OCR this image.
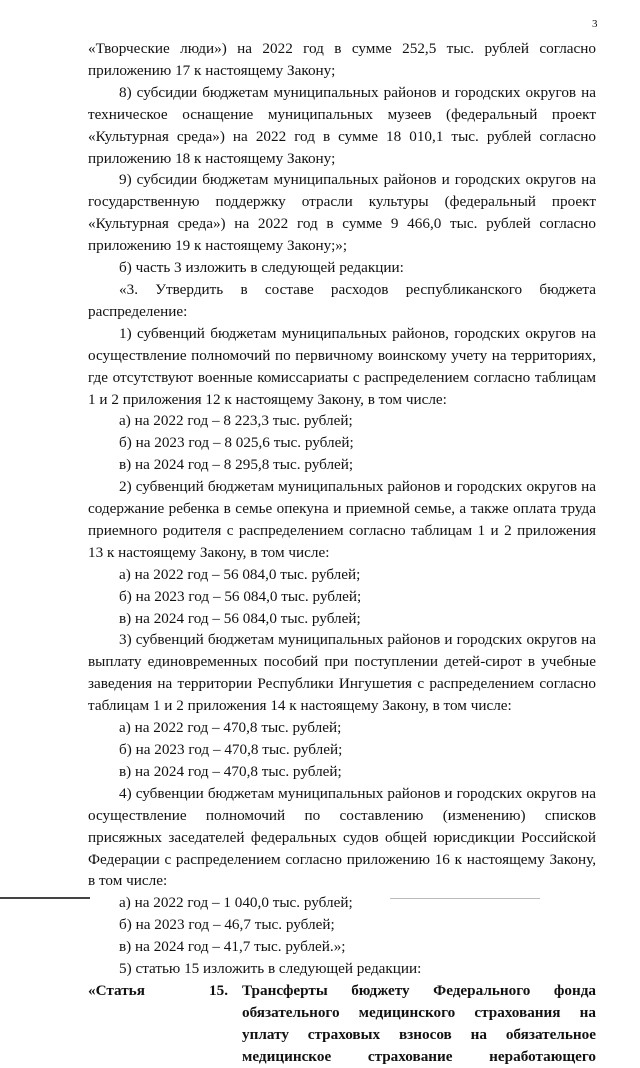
3

«Творческие люди») на 2022 год в сумме 252,5 тыс. рублей согласно приложению 17 к настоящему Закону;

8) субсидии бюджетам муниципальных районов и городских округов на техническое оснащение муниципальных музеев (федеральный проект «Культурная среда») на 2022 год в сумме 18 010,1 тыс. рублей согласно приложению 18 к настоящему Закону;

9) субсидии бюджетам муниципальных районов и городских округов на государственную поддержку отрасли культуры (федеральный проект «Культурная среда») на 2022 год в сумме 9 466,0 тыс. рублей согласно приложению 19 к настоящему Закону;»;

б) часть 3 изложить в следующей редакции:

«3. Утвердить в составе расходов республиканского бюджета распределение:

1) субвенций бюджетам муниципальных районов, городских округов на осуществление полномочий по первичному воинскому учету на территориях, где отсутствуют военные комиссариаты с распределением согласно таблицам 1 и 2 приложения 12 к настоящему Закону, в том числе:

а) на 2022 год – 8 223,3 тыс. рублей;

б) на 2023 год – 8 025,6 тыс. рублей;

в) на 2024 год – 8 295,8 тыс. рублей;

2) субвенций бюджетам муниципальных районов и городских округов на содержание ребенка в семье опекуна и приемной семье, а также оплата труда приемного родителя с распределением согласно таблицам 1 и 2 приложения 13 к настоящему Закону, в том числе:

а) на 2022 год – 56 084,0 тыс. рублей;

б) на 2023 год – 56 084,0 тыс. рублей;

в) на 2024 год – 56 084,0 тыс. рублей;

3) субвенций бюджетам муниципальных районов и городских округов на выплату единовременных пособий при поступлении детей-сирот в учебные заведения на территории Республики Ингушетия с распределением согласно таблицам 1 и 2 приложения 14 к настоящему Закону, в том числе:

а) на 2022 год – 470,8 тыс. рублей;

б) на 2023 год – 470,8 тыс. рублей;

в) на 2024 год – 470,8 тыс. рублей;

4) субвенции бюджетам муниципальных районов и городских округов на осуществление полномочий по составлению (изменению) списков присяжных заседателей федеральных судов общей юрисдикции Российской Федерации с распределением согласно приложению 16 к настоящему Закону, в том числе:

а) на 2022 год – 1 040,0 тыс. рублей;

б) на 2023 год – 46,7 тыс. рублей;

в) на 2024 год – 41,7 тыс. рублей.»;

5) статью 15 изложить в следующей редакции:

«Статья	15. Трансферты бюджету Федерального фонда обязательного медицинского страхования на уплату страховых взносов на обязательное медицинское страхование неработающего
